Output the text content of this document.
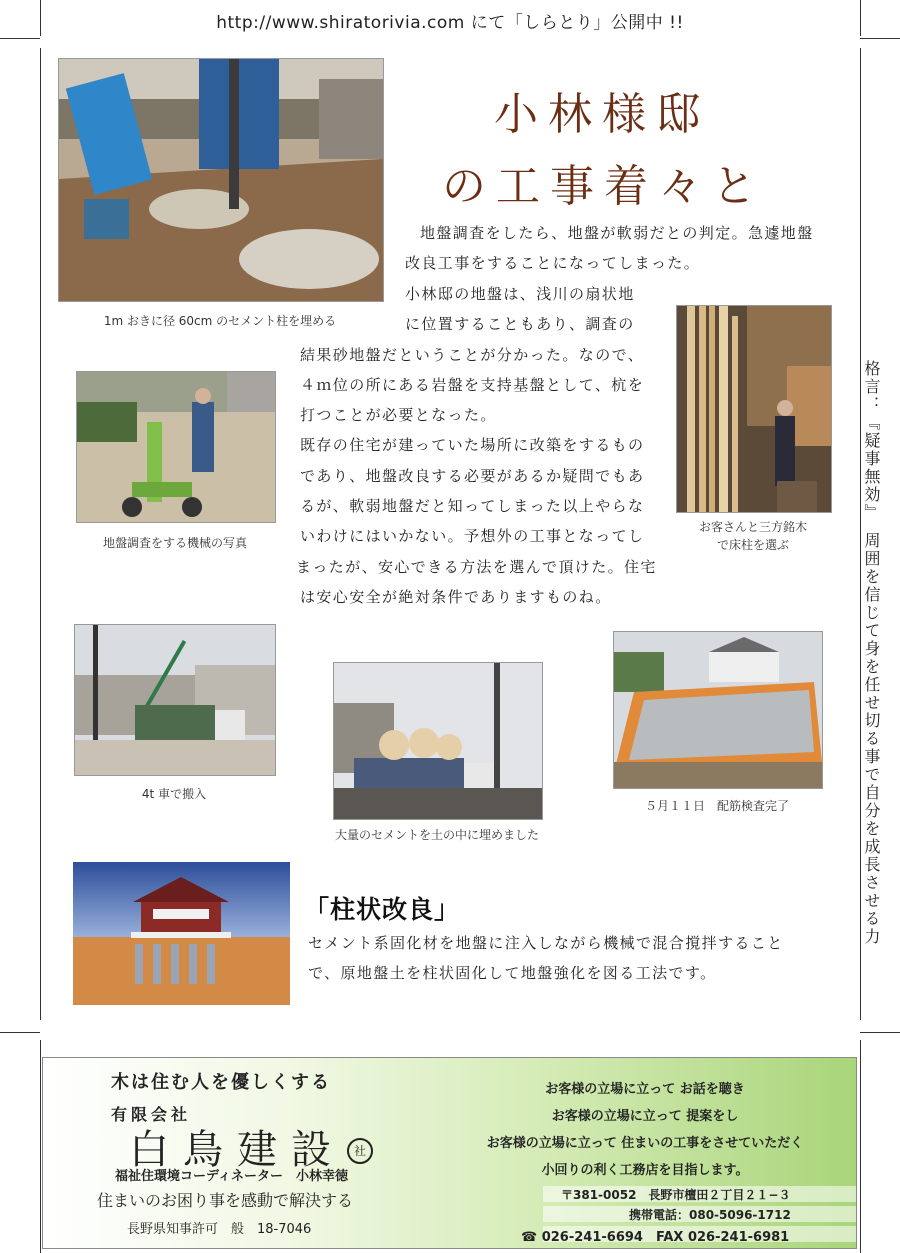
http://www.shiratorivia.com にて「しらとり」公開中 !!
1m おきに径 60cm のセメント柱を埋める
小林様邸
の工事着々と
地盤調査をしたら、地盤が軟弱だとの判定。急遽地盤
改良工事をすることになってしまった。
小林邸の地盤は、浅川の扇状地
に位置することもあり、調査の
結果砂地盤だということが分かった。なので、
４ｍ位の所にある岩盤を支持基盤として、杭を
打つことが必要となった。
既存の住宅が建っていた場所に改築をするもの
であり、地盤改良する必要があるか疑問でもあ
るが、軟弱地盤だと知ってしまった以上やらな
いわけにはいかない。予想外の工事となってし
まったが、安心できる方法を選んで頂けた。住宅
は安心安全が絶対条件でありますものね。
地盤調査をする機械の写真
お客さんと三方銘木
で床柱を選ぶ	格言：『疑事無効』　周囲を信じて身を任せ切る事で自分を成長させる力
4t 車で搬入
大量のセメントを土の中に埋めました
５月１１日　配筋検査完了
「柱状改良」
セメント系固化材を地盤に注入しながら機械で混合撹拌すること
で、原地盤土を柱状固化して地盤強化を図る工法です。
木は住む人を優しくする
有限会社
白鳥建設 社
福祉住環境コーディネーター　小林幸徳
住まいのお困り事を感動で解決する
長野県知事許可　般　18-7046
お客様の立場に立って お話を聴き
お客様の立場に立って 提案をし
お客様の立場に立って 住まいの工事をさせていただく
小回りの利く工務店を目指します。
〒381-0052　長野市檀田２丁目２１−３
携帯電話：080-5096-1712
☎ 026-241-6694　FAX 026-241-6981
